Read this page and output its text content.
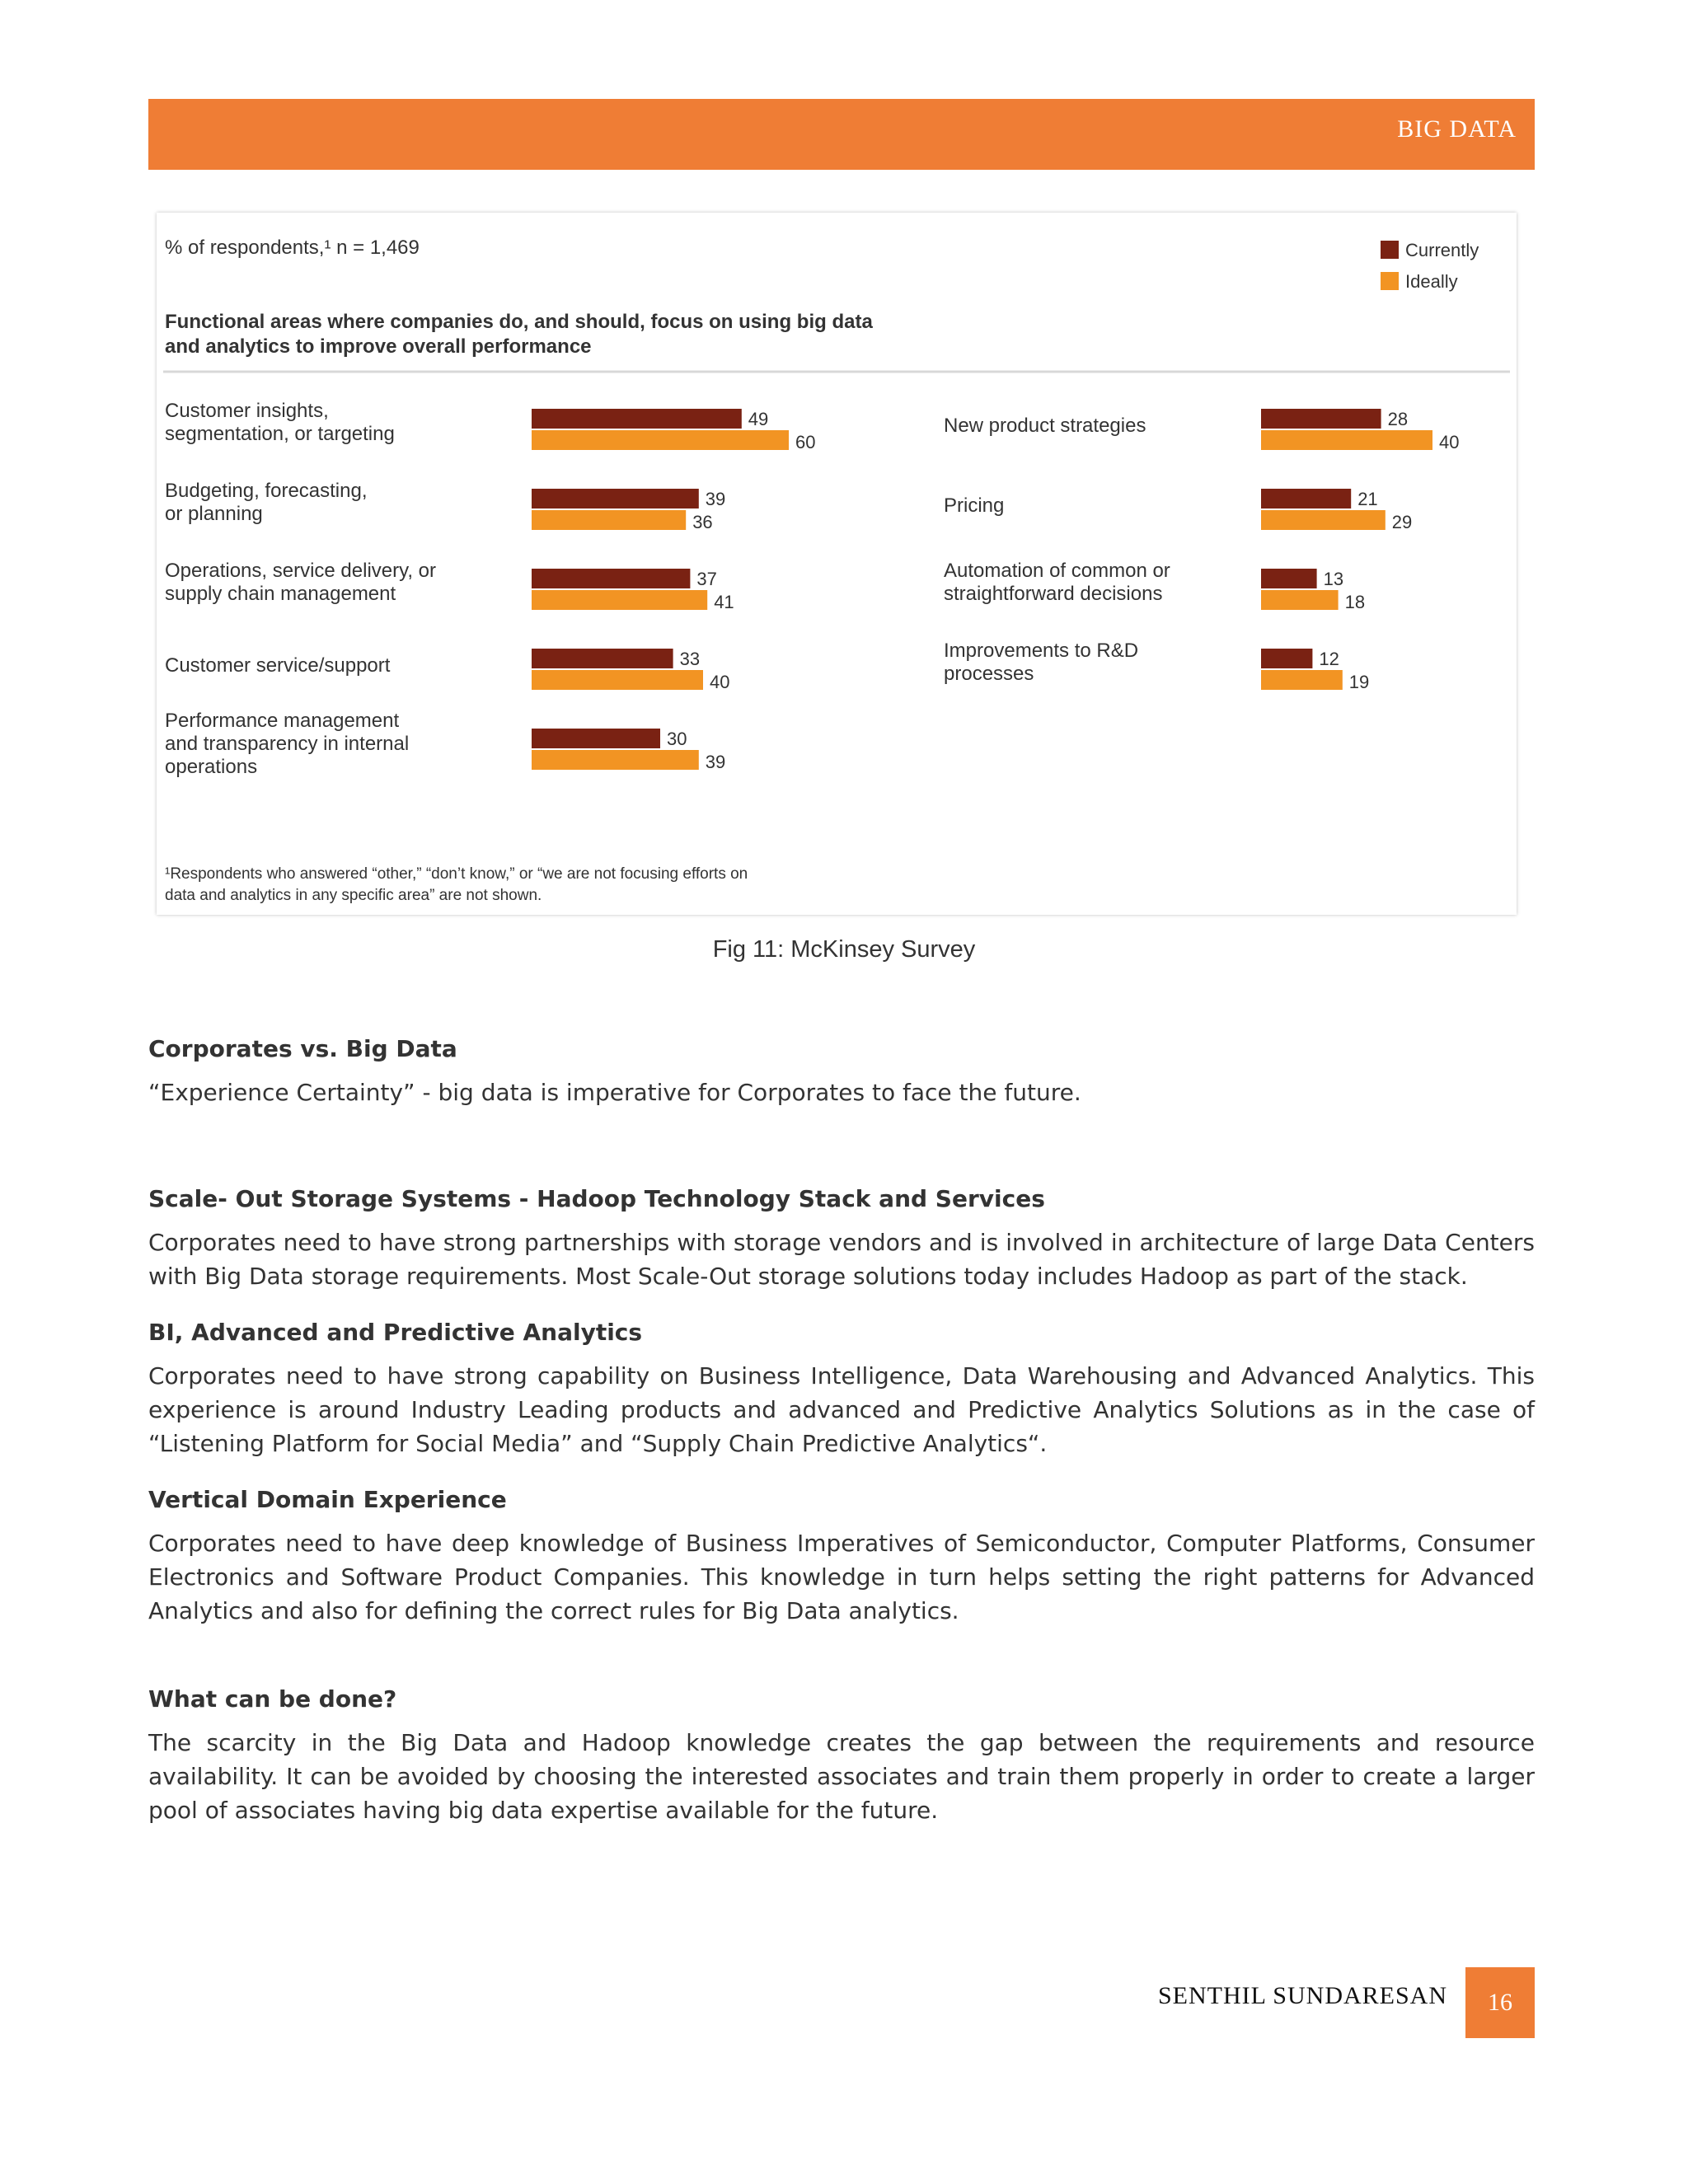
BIG DATA
% of respondents,¹ n = 1,469
Functional areas where companies do, and should, focus on using big data
and analytics to improve overall performance
Currently
Ideally
Customer insights,
segmentation, or targeting
49
60
Budgeting, forecasting,
or planning
39
36
Operations, service delivery, or
supply chain management
37
41
Customer service/support	33
40
Performance management
and transparency in internal
operations
30
39
New product strategies	28
40
Pricing	21
29
Automation of common or
straightforward decisions
13
18
Improvements to R&D
processes
12
19
¹Respondents who answered “other,” “don’t know,” or “we are not focusing efforts on
data and analytics in any specific area” are not shown.
Fig 11: McKinsey Survey
Corporates vs. Big Data
“Experience Certainty” - big data is imperative for Corporates to face the future.
Scale- Out Storage Systems - Hadoop Technology Stack and Services
Corporates need to have strong partnerships with storage vendors and is involved in architecture of large Data Centers with Big Data storage requirements. Most Scale-Out storage solutions today includes Hadoop as part of the stack.
BI, Advanced and Predictive Analytics
Corporates need to have strong capability on Business Intelligence, Data Warehousing and Advanced Analytics. This experience is around Industry Leading products and advanced and Predictive Analytics Solutions as in the case of “Listening Platform for Social Media” and “Supply Chain Predictive Analytics“.
Vertical Domain Experience
Corporates need to have deep knowledge of Business Imperatives of Semiconductor, Computer Platforms, Consumer Electronics and Software Product Companies. This knowledge in turn helps setting the right patterns for Advanced Analytics and also for defining the correct rules for Big Data analytics.
What can be done?
The scarcity in the Big Data and Hadoop knowledge creates the gap between the requirements and resource availability. It can be avoided by choosing the interested associates and train them properly in order to create a larger pool of associates having big data expertise available for the future.
SENTHIL SUNDARESAN	16
